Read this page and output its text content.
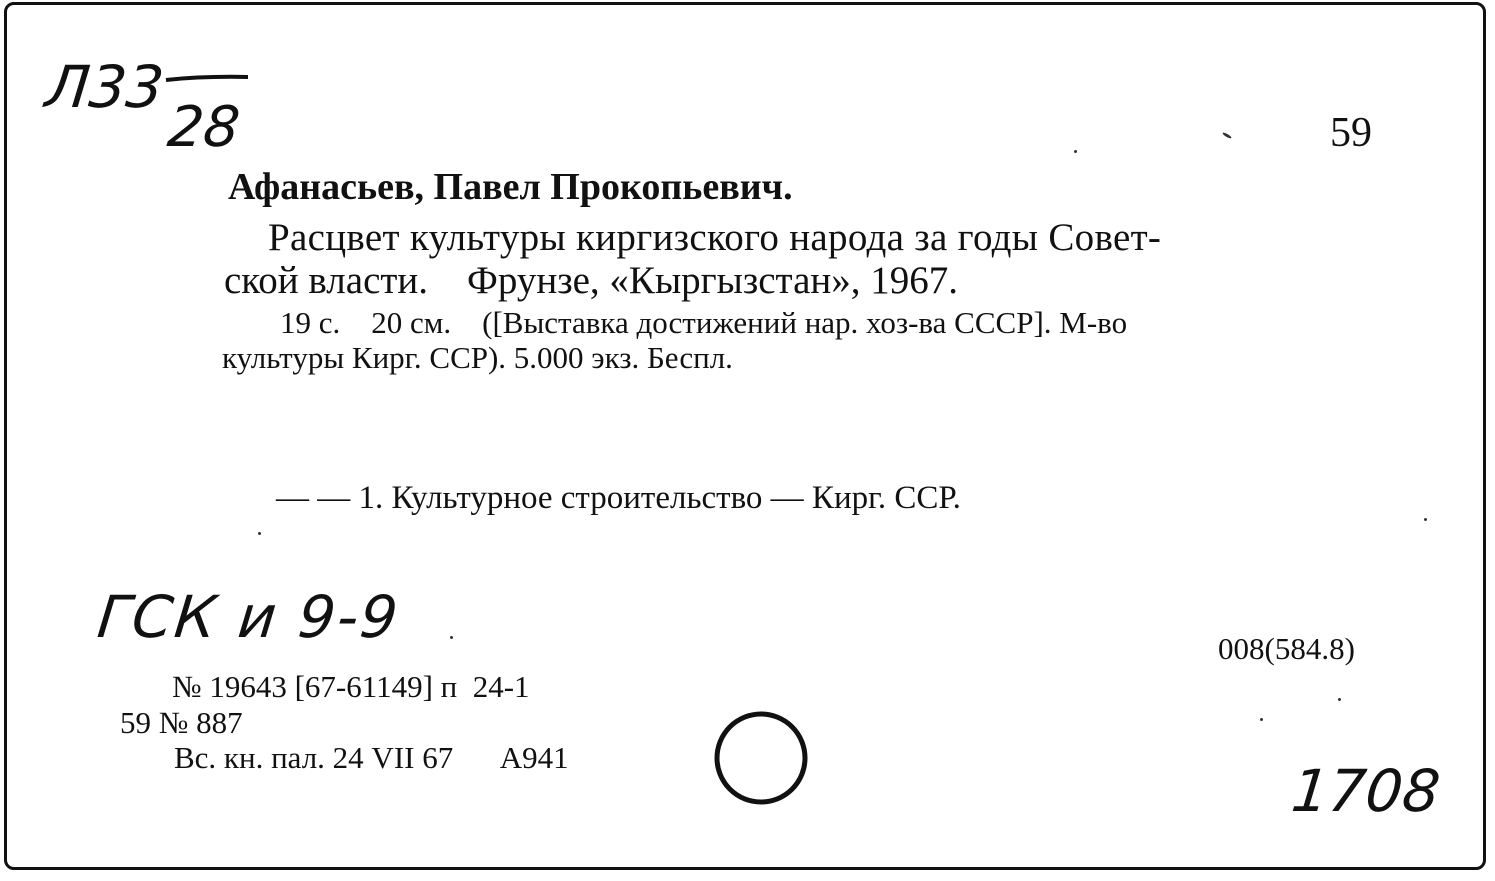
Л33
28	59
Афанасьев, Павел Прокопьевич.
Расцвет культуры киргизского народа за годы Совет-
ской власти.    Фрунзе, «Кыргызстан», 1967.
19 с.    20 см.    ([Выставка достижений нар. хоз-ва СССР]. М-во
культуры Кирг. ССР). 5.000 экз. Беспл.
— — 1. Культурное строительство — Кирг. ССР.
ГСК и 9-9	008(584.8)
№ 19643 [67-61149] п  24-1
59 № 887
Вс. кн. пал. 24 VII 67      А941	1708
